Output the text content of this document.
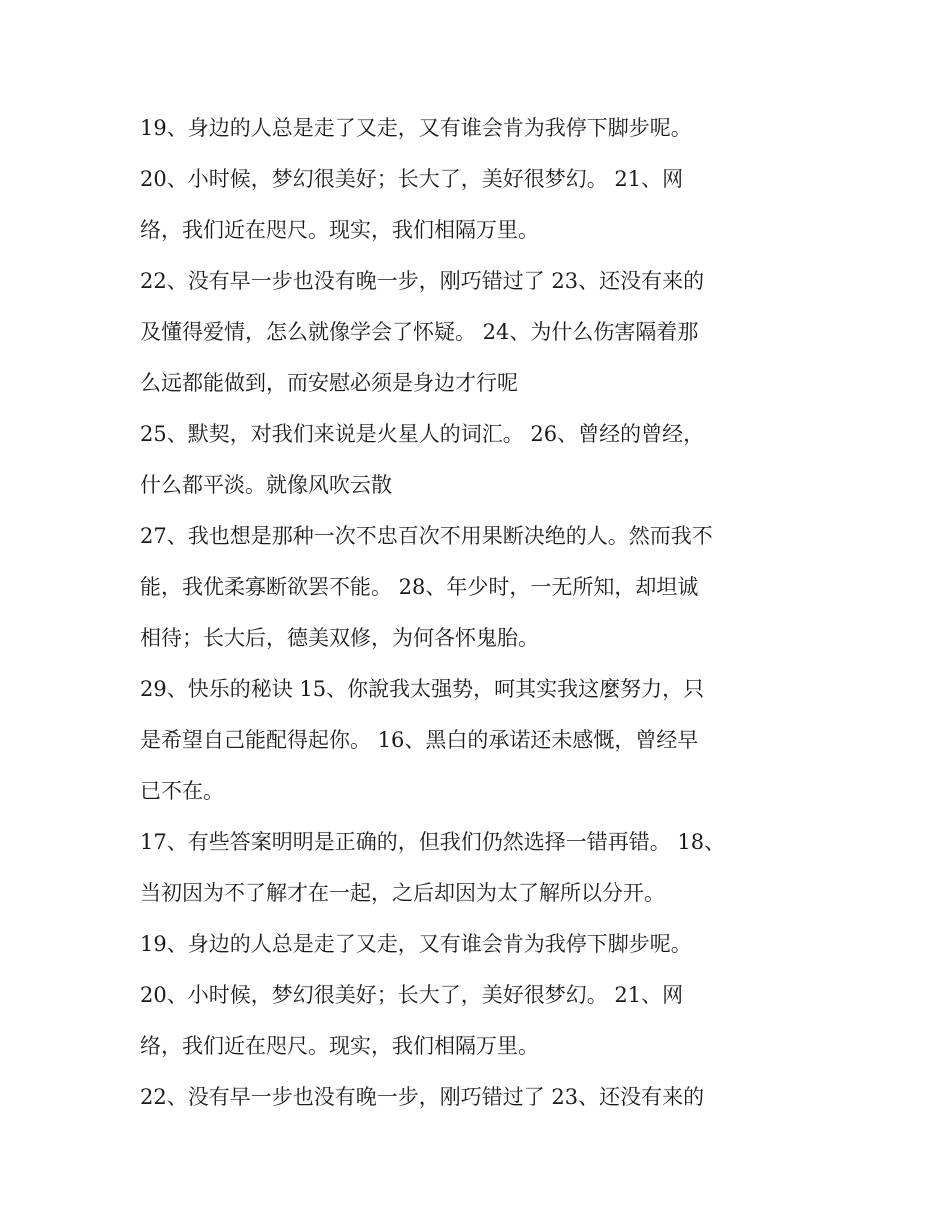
19、身边的人总是走了又走，又有谁会肯为我停下脚步呢。
20、小时候，梦幻很美好；长大了，美好很梦幻。 21、网
络，我们近在咫尺。现实，我们相隔万里。
22、没有早一步也没有晚一步，刚巧错过了 23、还没有来的
及懂得爱情，怎么就像学会了怀疑。 24、为什么伤害隔着那
么远都能做到，而安慰必须是身边才行呢
25、默契，对我们来说是火星人的词汇。 26、曾经的曾经，
什么都平淡。就像风吹云散
27、我也想是那种一次不忠百次不用果断决绝的人。然而我不
能，我优柔寡断欲罢不能。 28、年少时，一无所知，却坦诚
相待；长大后，德美双修，为何各怀鬼胎。
29、快乐的秘诀 15、你說我太强势，呵其实我这麼努力，只
是希望自己能配得起你。 16、黑白的承诺还未感慨，曾经早
已不在。
17、有些答案明明是正确的，但我们仍然选择一错再错。 18、
当初因为不了解才在一起，之后却因为太了解所以分开。
19、身边的人总是走了又走，又有谁会肯为我停下脚步呢。
20、小时候，梦幻很美好；长大了，美好很梦幻。 21、网
络，我们近在咫尺。现实，我们相隔万里。
22、没有早一步也没有晚一步，刚巧错过了 23、还没有来的
